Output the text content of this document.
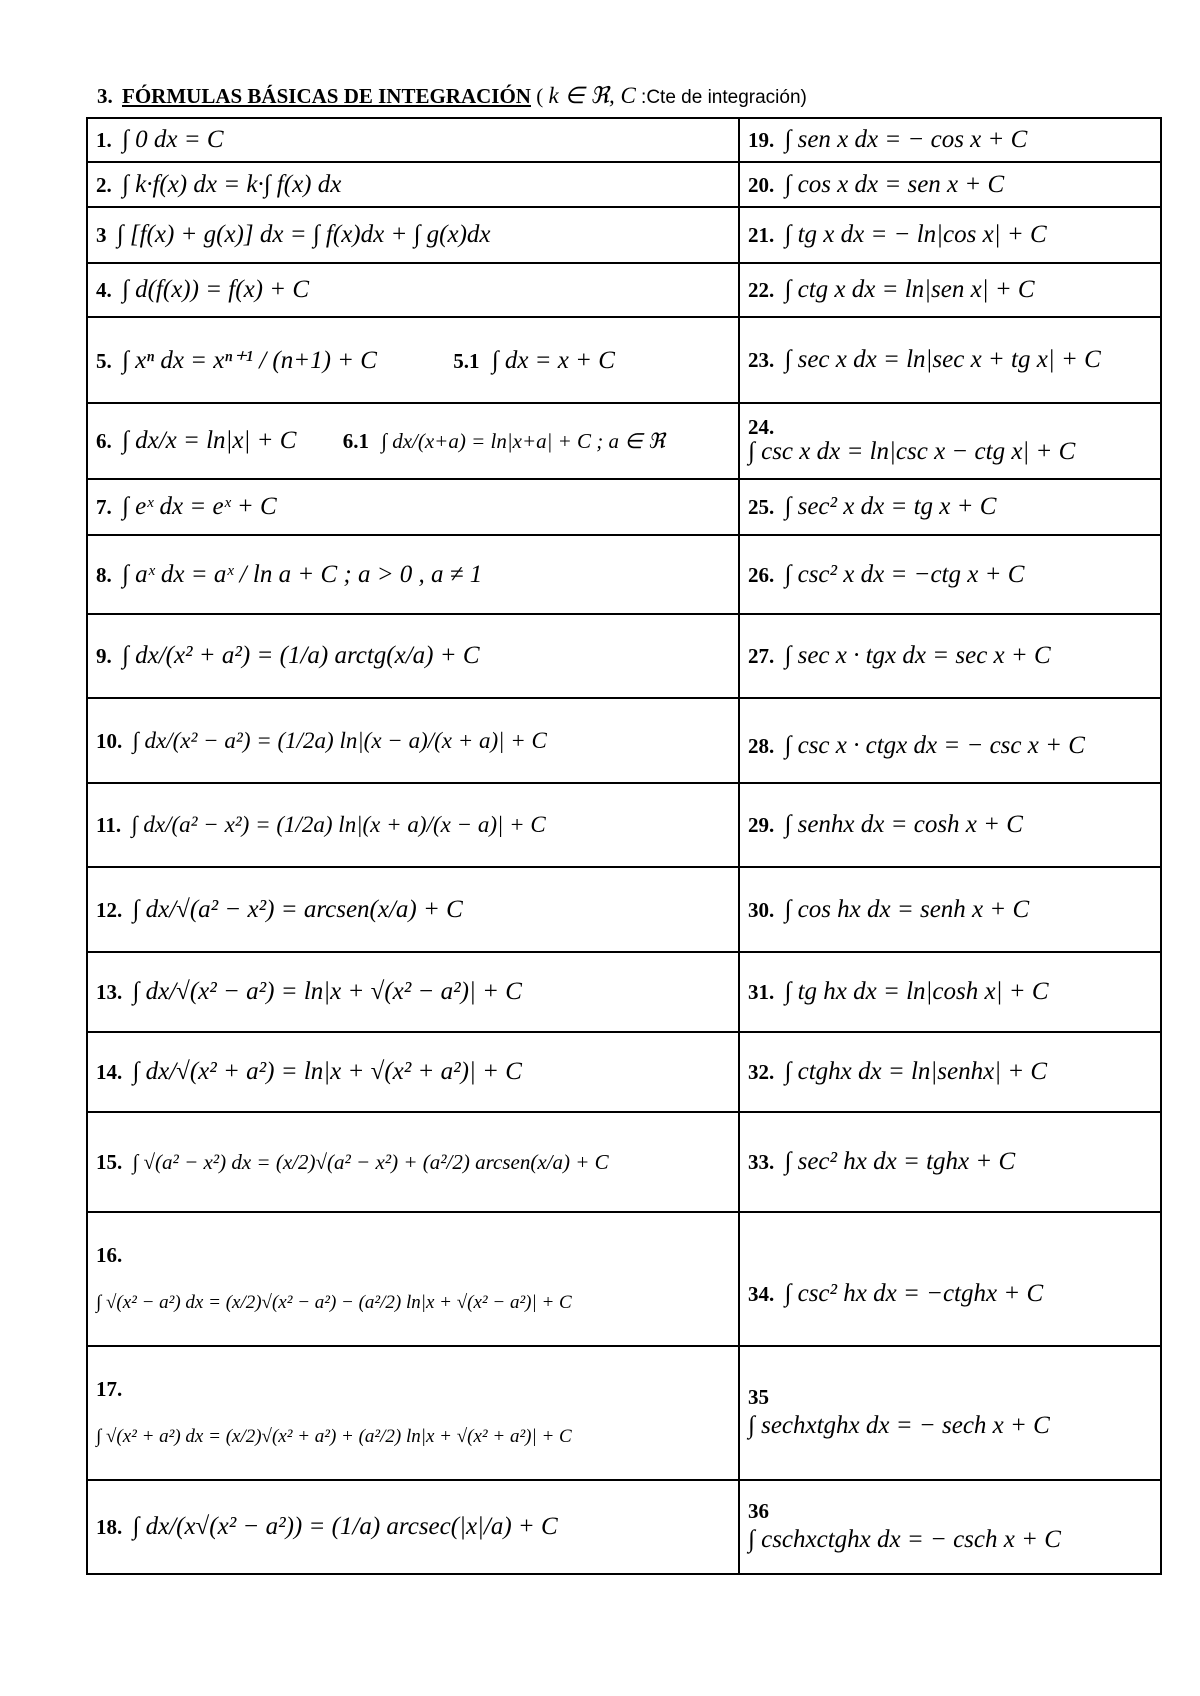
3. FÓRMULAS BÁSICAS DE INTEGRACIÓN ( k ∈ ℜ, C :Cte de integración)
1. ∫ 0 dx = C	19. ∫ sen x dx = − cos x + C
2. ∫ k·f(x) dx = k·∫ f(x) dx	20. ∫ cos x dx = sen x + C
3 ∫ [f(x) + g(x)] dx = ∫ f(x)dx + ∫ g(x)dx	21. ∫ tg x dx = − ln|cos x| + C
4. ∫ d(f(x)) = f(x) + C	22. ∫ ctg x dx = ln|sen x| + C
5. ∫ xⁿ dx = xⁿ⁺¹ / (n+1) + C 5.1 ∫ dx = x + C	23. ∫ sec x dx = ln|sec x + tg x| + C
6. ∫ dx/x = ln|x| + C 6.1 ∫ dx/(x+a) = ln|x+a| + C ; a ∈ ℜ	24.
∫ csc x dx = ln|csc x − ctg x| + C
7. ∫ eˣ dx = eˣ + C	25. ∫ sec² x dx = tg x + C
8. ∫ aˣ dx = aˣ / ln a + C ; a > 0 , a ≠ 1	26. ∫ csc² x dx = −ctg x + C
9. ∫ dx/(x² + a²) = (1/a) arctg(x/a) + C	27. ∫ sec x · tgx dx = sec x + C
10. ∫ dx/(x² − a²) = (1/2a) ln|(x − a)/(x + a)| + C	28. ∫ csc x · ctgx dx = − csc x + C
11. ∫ dx/(a² − x²) = (1/2a) ln|(x + a)/(x − a)| + C	29. ∫ senhx dx = cosh x + C
12. ∫ dx/√(a² − x²) = arcsen(x/a) + C	30. ∫ cos hx dx = senh x + C
13. ∫ dx/√(x² − a²) = ln|x + √(x² − a²)| + C	31. ∫ tg hx dx = ln|cosh x| + C
14. ∫ dx/√(x² + a²) = ln|x + √(x² + a²)| + C	32. ∫ ctghx dx = ln|senhx| + C
15. ∫ √(a² − x²) dx = (x/2)√(a² − x²) + (a²/2) arcsen(x/a) + C	33. ∫ sec² hx dx = tghx + C

16.
∫ √(x² − a²) dx = (x/2)√(x² − a²) − (a²/2) ln|x + √(x² − a²)| + C	34. ∫ csc² hx dx = −ctghx + C

17.
∫ √(x² + a²) dx = (x/2)√(x² + a²) + (a²/2) ln|x + √(x² + a²)| + C	35
∫ sechxtghx dx = − sech x + C

18. ∫ dx/(x√(x² − a²)) = (1/a) arcsec(|x|/a) + C	36
∫ cschxctghx dx = − csch x + C
